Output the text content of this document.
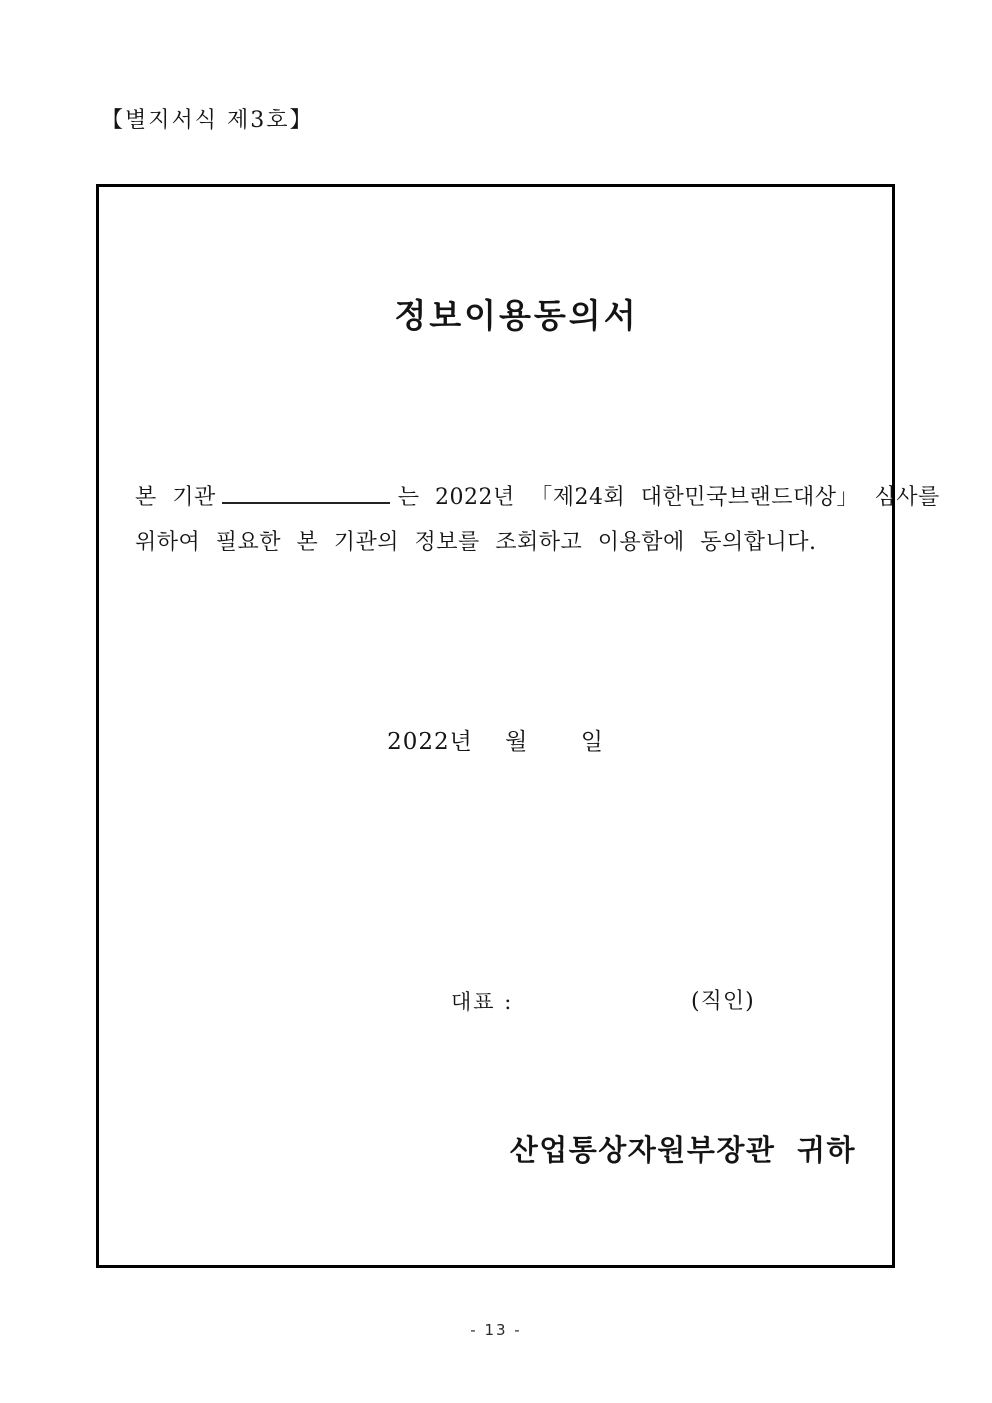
【별지서식 제3호】
정보이용동의서
본 기관	는 2022년 「제24회 대한민국브랜드대상」 심사를
위하여 필요한 본 기관의 정보를 조회하고 이용함에 동의합니다.
2022년 월 일
대표 :	(직인)
산업통상자원부장관 귀하
- 13 -
